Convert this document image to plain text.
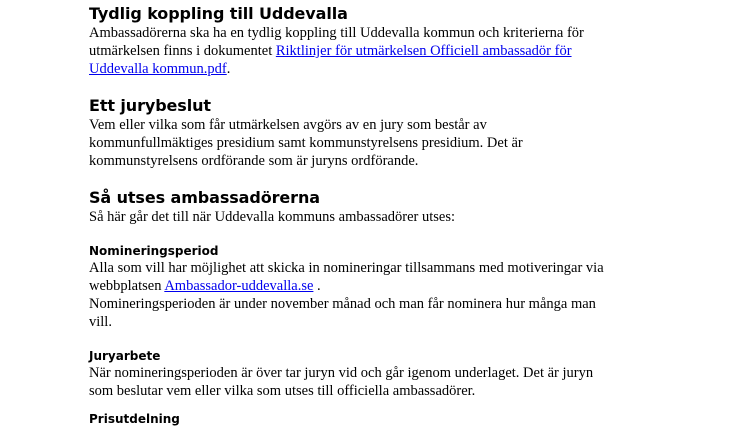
Tydlig koppling till Uddevalla

Ambassadörerna ska ha en tydlig koppling till Uddevalla kommun och kriterierna för utmärkelsen finns i dokumentet Riktlinjer för utmärkelsen Officiell ambassadör för Uddevalla kommun.pdf.

Ett jurybeslut

Vem eller vilka som får utmärkelsen avgörs av en jury som består av kommunfullmäktiges presidium samt kommunstyrelsens presidium. Det är kommunstyrelsens ordförande som är juryns ordförande.

Så utses ambassadörerna

Så här går det till när Uddevalla kommuns ambassadörer utses:

Nomineringsperiod

Alla som vill har möjlighet att skicka in nomineringar tillsammans med motiveringar via webbplatsen Ambassador-uddevalla.se .

Nomineringsperioden är under november månad och man får nominera hur många man vill.

Juryarbete

När nomineringsperioden är över tar juryn vid och går igenom underlaget. Det är juryn som beslutar vem eller vilka som utses till officiella ambassadörer.

Prisutdelning
